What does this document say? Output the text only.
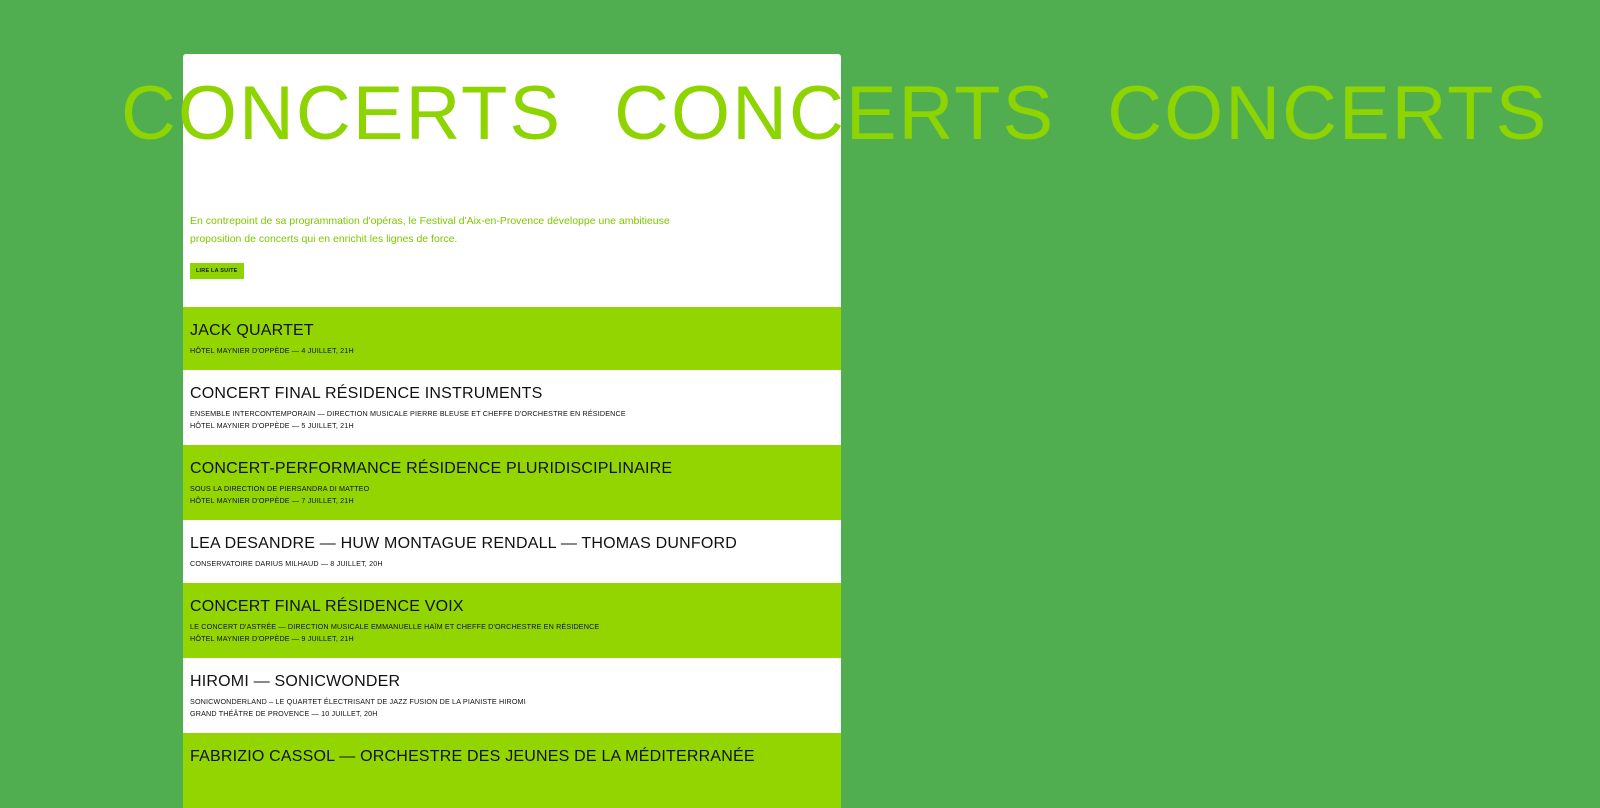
CONCERTS CONCERTS CONCERTS

En contrepoint de sa programmation d'opéras, le Festival d'Aix-en-Provence développe une ambitieuse
proposition de concerts qui en enrichit les lignes de force.

LIRE LA SUITE
JACK QUARTET

HÔTEL MAYNIER D'OPPÈDE — 4 JUILLET, 21H

CONCERT FINAL RÉSIDENCE INSTRUMENTS

ENSEMBLE INTERCONTEMPORAIN — DIRECTION MUSICALE PIERRE BLEUSE ET CHEFFE D'ORCHESTRE EN RÉSIDENCE

HÔTEL MAYNIER D'OPPÈDE — 5 JUILLET, 21H

CONCERT-PERFORMANCE RÉSIDENCE PLURIDISCIPLINAIRE

SOUS LA DIRECTION DE PIERSANDRA DI MATTEO

HÔTEL MAYNIER D'OPPÈDE — 7 JUILLET, 21H

LEA DESANDRE — HUW MONTAGUE RENDALL — THOMAS DUNFORD

CONSERVATOIRE DARIUS MILHAUD — 8 JUILLET, 20H

CONCERT FINAL RÉSIDENCE VOIX

LE CONCERT D'ASTRÉE — DIRECTION MUSICALE EMMANUELLE HAÏM ET CHEFFE D'ORCHESTRE EN RÉSIDENCE

HÔTEL MAYNIER D'OPPÈDE — 9 JUILLET, 21H

HIROMI — SONICWONDER

SONICWONDERLAND – LE QUARTET ÉLECTRISANT DE JAZZ FUSION DE LA PIANISTE HIROMI

GRAND THÉÂTRE DE PROVENCE — 10 JUILLET, 20H

FABRIZIO CASSOL — ORCHESTRE DES JEUNES DE LA MÉDITERRANÉE
